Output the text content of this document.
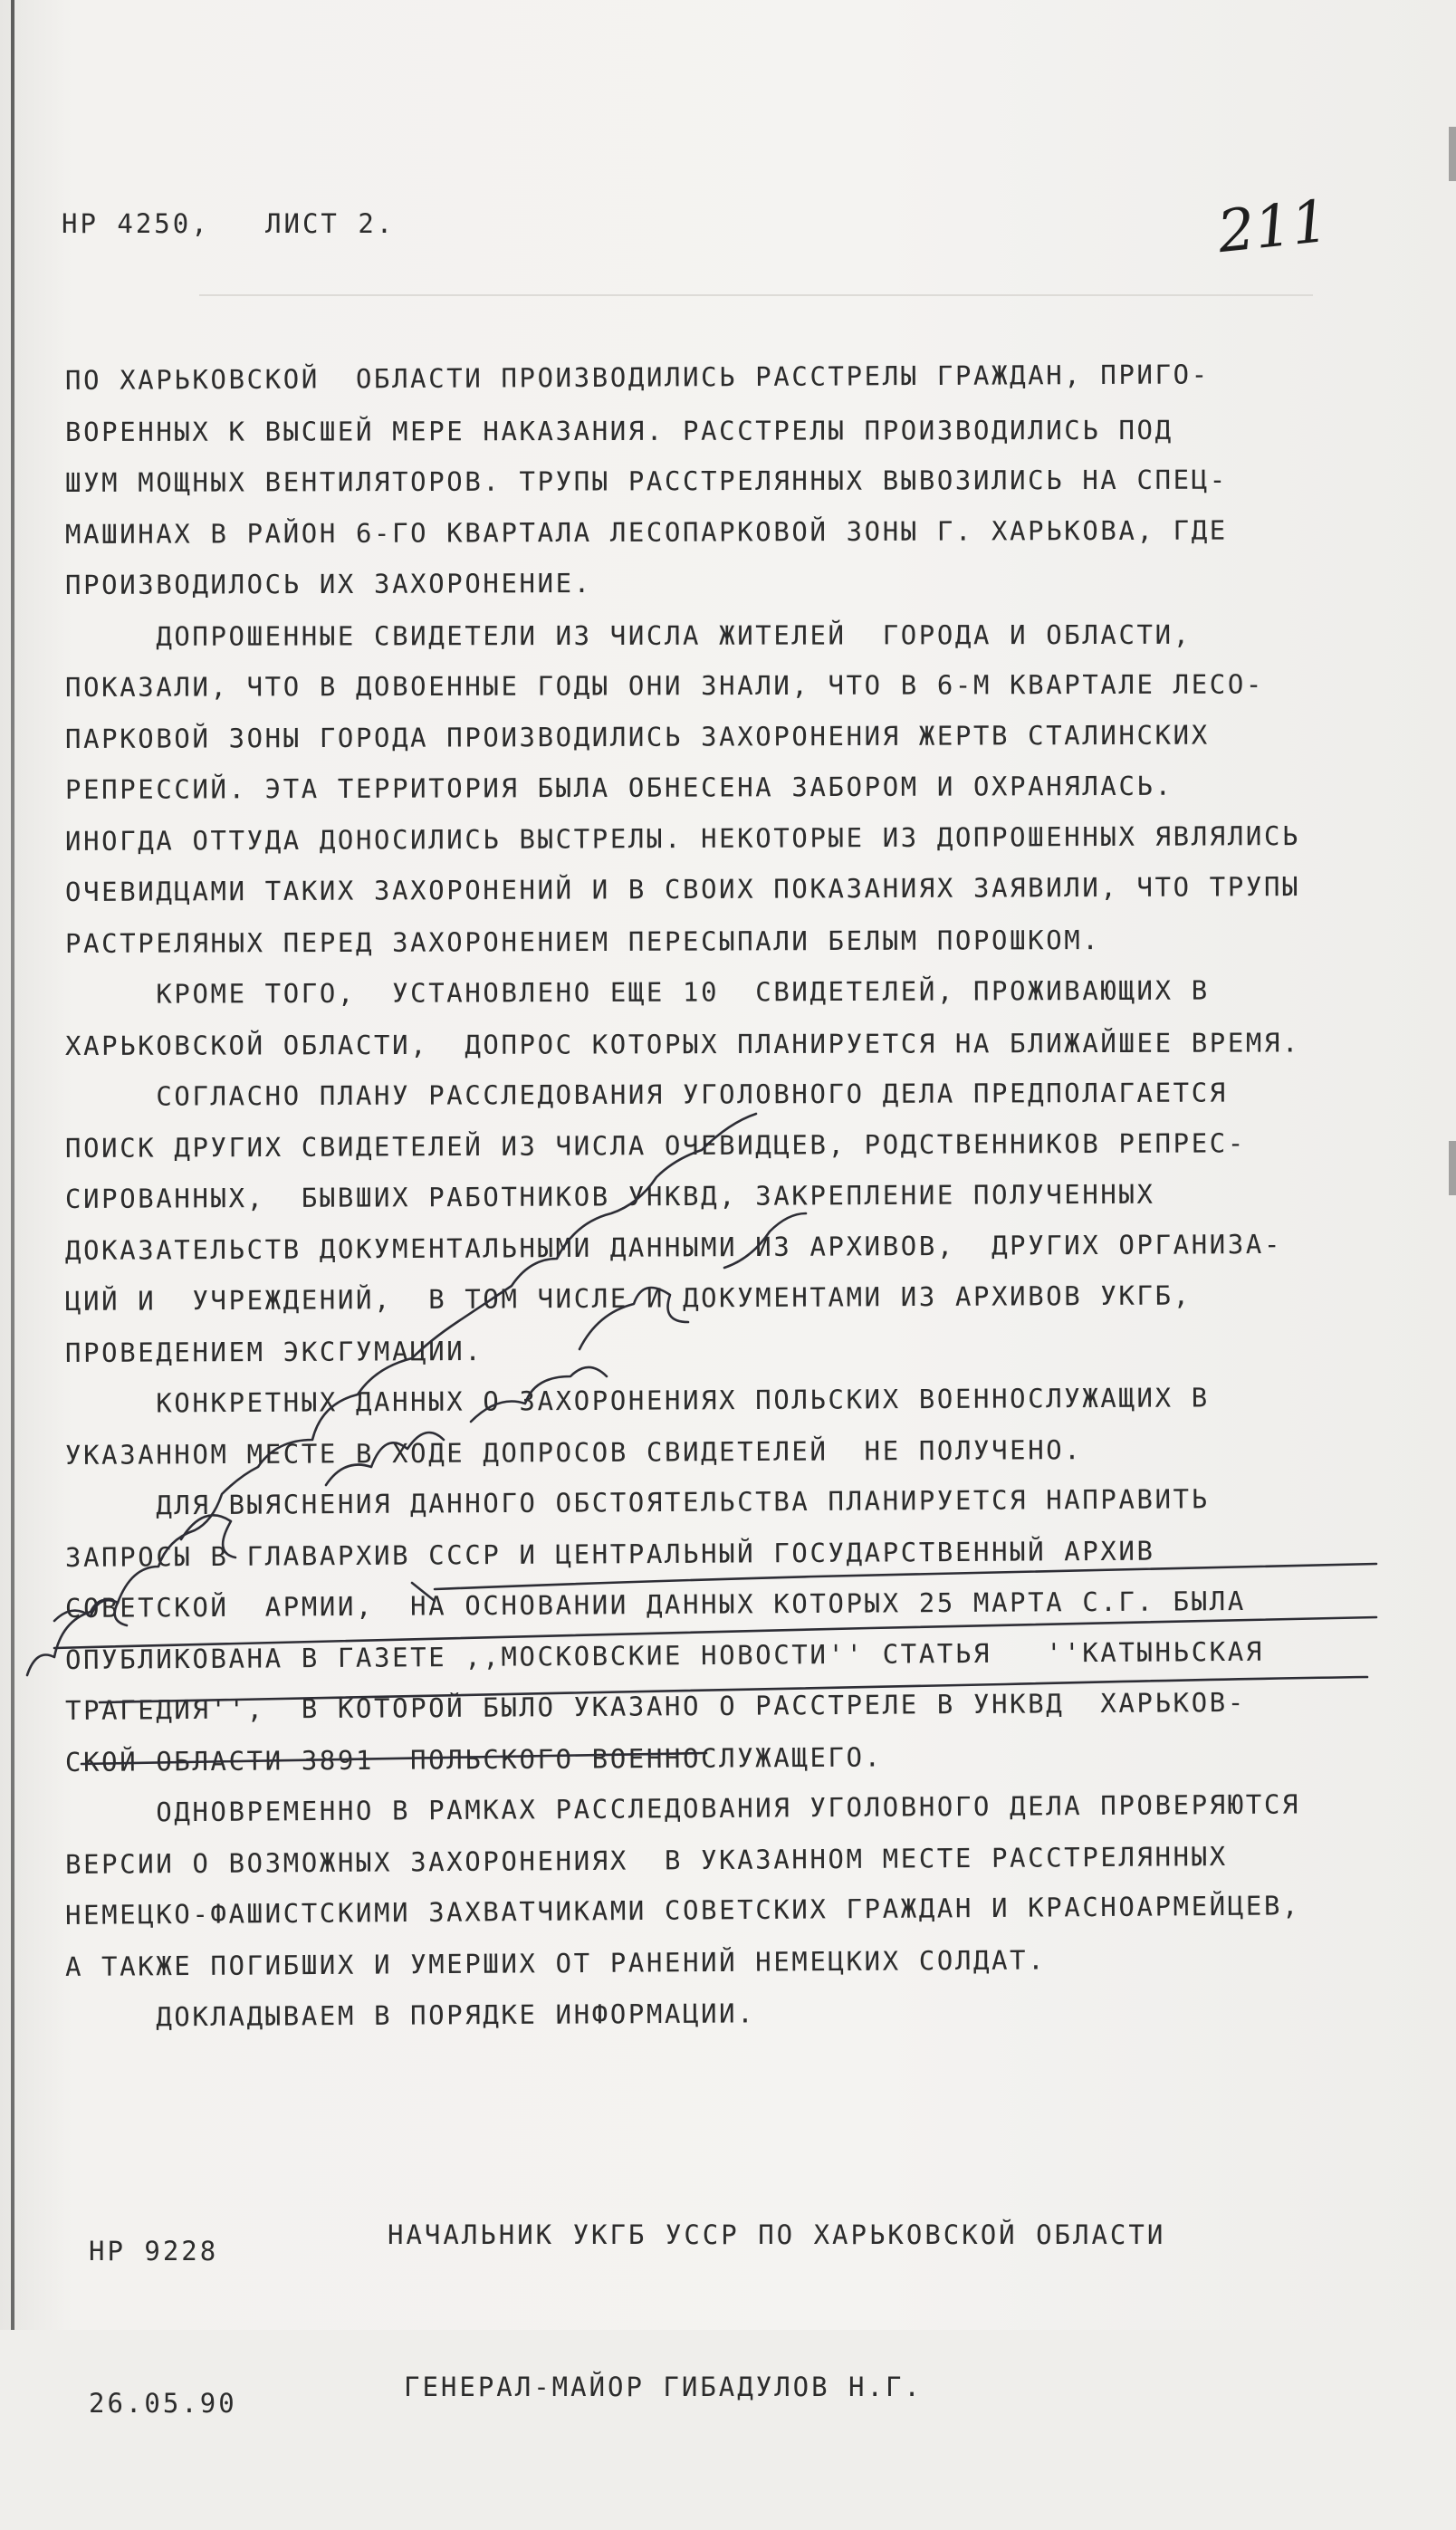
НР 4250,   ЛИСТ 2.	211
ПО ХАРЬКОВСКОЙ  ОБЛАСТИ ПРОИЗВОДИЛИСЬ РАССТРЕЛЫ ГРАЖДАН, ПРИГО-
ВОРЕННЫХ К ВЫСШЕЙ МЕРЕ НАКАЗАНИЯ. РАССТРЕЛЫ ПРОИЗВОДИЛИСЬ ПОД
ШУМ МОЩНЫХ ВЕНТИЛЯТОРОВ. ТРУПЫ РАССТРЕЛЯННЫХ ВЫВОЗИЛИСЬ НА СПЕЦ-
МАШИНАХ В РАЙОН 6-ГО КВАРТАЛА ЛЕСОПАРКОВОЙ ЗОНЫ Г. ХАРЬКОВА, ГДЕ
ПРОИЗВОДИЛОСЬ ИХ ЗАХОРОНЕНИЕ.
ДОПРОШЕННЫЕ СВИДЕТЕЛИ ИЗ ЧИСЛА ЖИТЕЛЕЙ  ГОРОДА И ОБЛАСТИ,
ПОКАЗАЛИ, ЧТО В ДОВОЕННЫЕ ГОДЫ ОНИ ЗНАЛИ, ЧТО В 6-М КВАРТАЛЕ ЛЕСО-
ПАРКОВОЙ ЗОНЫ ГОРОДА ПРОИЗВОДИЛИСЬ ЗАХОРОНЕНИЯ ЖЕРТВ СТАЛИНСКИХ
РЕПРЕССИЙ. ЭТА ТЕРРИТОРИЯ БЫЛА ОБНЕСЕНА ЗАБОРОМ И ОХРАНЯЛАСЬ.
ИНОГДА ОТТУДА ДОНОСИЛИСЬ ВЫСТРЕЛЫ. НЕКОТОРЫЕ ИЗ ДОПРОШЕННЫХ ЯВЛЯЛИСЬ
ОЧЕВИДЦАМИ ТАКИХ ЗАХОРОНЕНИЙ И В СВОИХ ПОКАЗАНИЯХ ЗАЯВИЛИ, ЧТО ТРУПЫ
РАСТРЕЛЯНЫХ ПЕРЕД ЗАХОРОНЕНИЕМ ПЕРЕСЫПАЛИ БЕЛЫМ ПОРОШКОМ.
КРОМЕ ТОГО,  УСТАНОВЛЕНО ЕЩЕ 10  СВИДЕТЕЛЕЙ, ПРОЖИВАЮЩИХ В
ХАРЬКОВСКОЙ ОБЛАСТИ,  ДОПРОС КОТОРЫХ ПЛАНИРУЕТСЯ НА БЛИЖАЙШЕЕ ВРЕМЯ.
СОГЛАСНО ПЛАНУ РАССЛЕДОВАНИЯ УГОЛОВНОГО ДЕЛА ПРЕДПОЛАГАЕТСЯ
ПОИСК ДРУГИХ СВИДЕТЕЛЕЙ ИЗ ЧИСЛА ОЧЕВИДЦЕВ, РОДСТВЕННИКОВ РЕПРЕС-
СИРОВАННЫХ,  БЫВШИХ РАБОТНИКОВ УНКВД, ЗАКРЕПЛЕНИЕ ПОЛУЧЕННЫХ
ДОКАЗАТЕЛЬСТВ ДОКУМЕНТАЛЬНЫМИ ДАННЫМИ ИЗ АРХИВОВ,  ДРУГИХ ОРГАНИЗА-
ЦИЙ И  УЧРЕЖДЕНИЙ,  В ТОМ ЧИСЛЕ И ДОКУМЕНТАМИ ИЗ АРХИВОВ УКГБ,
ПРОВЕДЕНИЕМ ЭКСГУМАЦИИ.
КОНКРЕТНЫХ ДАННЫХ О ЗАХОРОНЕНИЯХ ПОЛЬСКИХ ВОЕННОСЛУЖАЩИХ В
УКАЗАННОМ МЕСТЕ В ХОДЕ ДОПРОСОВ СВИДЕТЕЛЕЙ  НЕ ПОЛУЧЕНО.
ДЛЯ ВЫЯСНЕНИЯ ДАННОГО ОБСТОЯТЕЛЬСТВА ПЛАНИРУЕТСЯ НАПРАВИТЬ
ЗАПРОСЫ В ГЛАВАРХИВ СССР И ЦЕНТРАЛЬНЫЙ ГОСУДАРСТВЕННЫЙ АРХИВ
СОВЕТСКОЙ  АРМИИ,  НА ОСНОВАНИИ ДАННЫХ КОТОРЫХ 25 МАРТА С.Г. БЫЛА
ОПУБЛИКОВАНА В ГАЗЕТЕ ,,МОСКОВСКИЕ НОВОСТИ'' СТАТЬЯ   ''КАТЫНЬСКАЯ
ТРАГЕДИЯ'',  В КОТОРОЙ БЫЛО УКАЗАНО О РАССТРЕЛЕ В УНКВД  ХАРЬКОВ-
СКОЙ ОБЛАСТИ 3891  ПОЛЬСКОГО ВОЕННОСЛУЖАЩЕГО.
ОДНОВРЕМЕННО В РАМКАХ РАССЛЕДОВАНИЯ УГОЛОВНОГО ДЕЛА ПРОВЕРЯЮТСЯ
ВЕРСИИ О ВОЗМОЖНЫХ ЗАХОРОНЕНИЯХ  В УКАЗАННОМ МЕСТЕ РАССТРЕЛЯННЫХ
НЕМЕЦКО-ФАШИСТСКИМИ ЗАХВАТЧИКАМИ СОВЕТСКИХ ГРАЖДАН И КРАСНОАРМЕЙЦЕВ,
А ТАКЖЕ ПОГИБШИХ И УМЕРШИХ ОТ РАНЕНИЙ НЕМЕЦКИХ СОЛДАТ.
ДОКЛАДЫВАЕМ В ПОРЯДКЕ ИНФОРМАЦИИ.

НР 9228

26.05.90

НАЧАЛЬНИК УКГБ УССР ПО ХАРЬКОВСКОЙ ОБЛАСТИ

ГЕНЕРАЛ-МАЙОР ГИБАДУЛОВ Н.Г.
